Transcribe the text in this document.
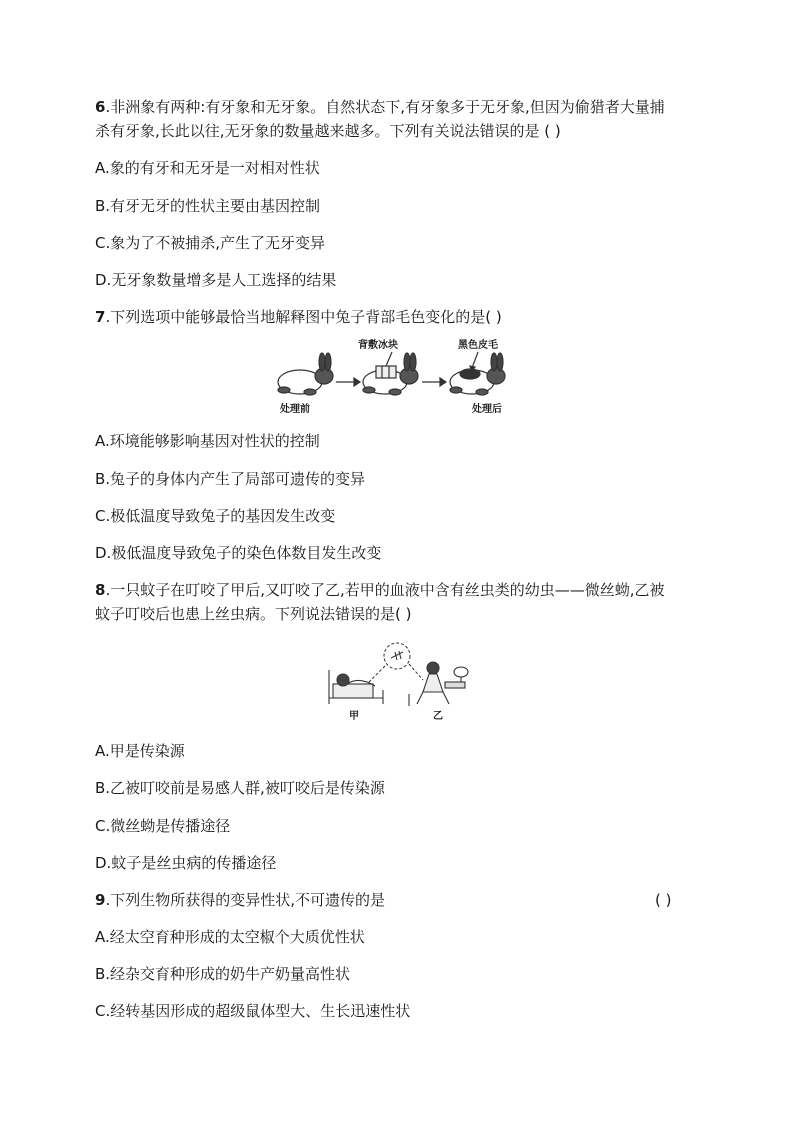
6.非洲象有两种:有牙象和无牙象。自然状态下,有牙象多于无牙象,但因为偷猎者大量捕
杀有牙象,长此以往,无牙象的数量越来越多。下列有关说法错误的是 ( )
A.象的有牙和无牙是一对相对性状
B.有牙无牙的性状主要由基因控制
C.象为了不被捕杀,产生了无牙变异
D.无牙象数量增多是人工选择的结果
7.下列选项中能够最恰当地解释图中兔子背部毛色变化的是( )
背敷冰块	黑色皮毛
处理前	处理后
A.环境能够影响基因对性状的控制
B.兔子的身体内产生了局部可遗传的变异
C.极低温度导致兔子的基因发生改变
D.极低温度导致兔子的染色体数目发生改变
8.一只蚊子在叮咬了甲后,又叮咬了乙,若甲的血液中含有丝虫类的幼虫——微丝蚴,乙被
蚊子叮咬后也患上丝虫病。下列说法错误的是( )
甲	乙
A.甲是传染源
B.乙被叮咬前是易感人群,被叮咬后是传染源
C.微丝蚴是传播途径
D.蚊子是丝虫病的传播途径
9.下列生物所获得的变异性状,不可遗传的是	( )
A.经太空育种形成的太空椒个大质优性状
B.经杂交育种形成的奶牛产奶量高性状
C.经转基因形成的超级鼠体型大、生长迅速性状
